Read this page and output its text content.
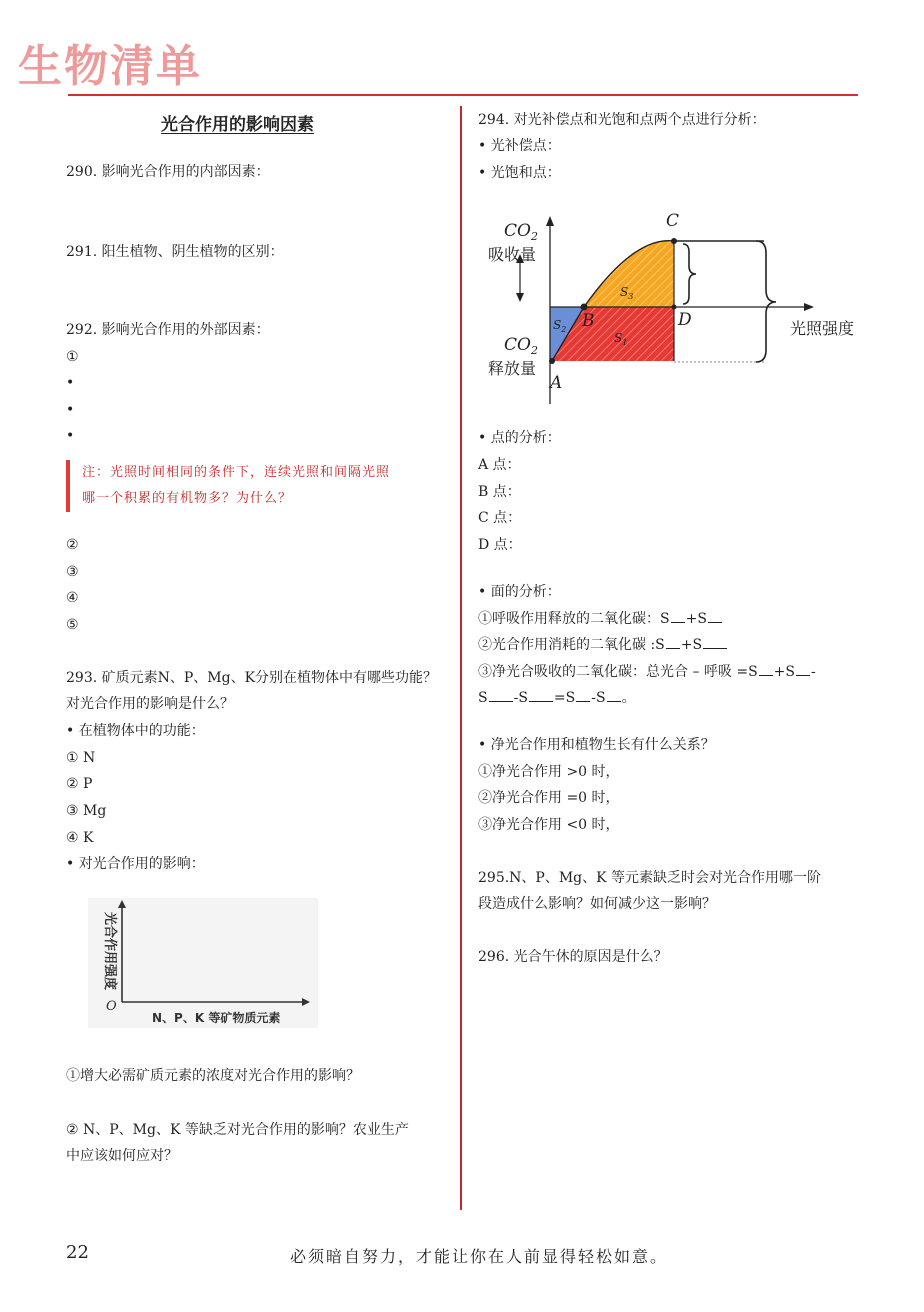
生物清单
光合作用的影响因素
290. 影响光合作用的内部因素：
291. 阳生植物、阴生植物的区别：
292. 影响光合作用的外部因素：
①
•
•
•
注：光照时间相同的条件下，连续光照和间隔光照
哪一个积累的有机物多？为什么？
②
③
④
⑤
293. 矿质元素N、P、Mg、K分别在植物体中有哪些功能？
对光合作用的影响是什么？
• 在植物体中的功能：
① N
② P
③ Mg
④ K
• 对光合作用的影响：
光合作用强度
O
N、P、K 等矿物质元素
①增大必需矿质元素的浓度对光合作用的影响？
② N、P、Mg、K 等缺乏对光合作用的影响？农业生产
中应该如何应对？
294. 对光补偿点和光饱和点两个点进行分析：
• 光补偿点：
• 光饱和点：
$CO_2$
吸收量
$CO_2$
释放量
光照强度
A
B
C
D
$S_3$
$S_1$
$S_2$
• 点的分析：
A 点：
B 点：
C 点：
D 点：
• 面的分析：
①呼吸作用释放的二氧化碳：S +S
②光合作用消耗的二氧化碳 :S +S
③净光合吸收的二氧化碳：总光合 – 呼吸 =S +S -
S -S =S -S 。
• 净光合作用和植物生长有什么关系？
①净光合作用 >0 时，
②净光合作用 =0 时，
③净光合作用 <0 时，
295.N、P、Mg、K 等元素缺乏时会对光合作用哪一阶
段造成什么影响？如何减少这一影响？
296. 光合午休的原因是什么？
22	必须暗自努力，才能让你在人前显得轻松如意。
